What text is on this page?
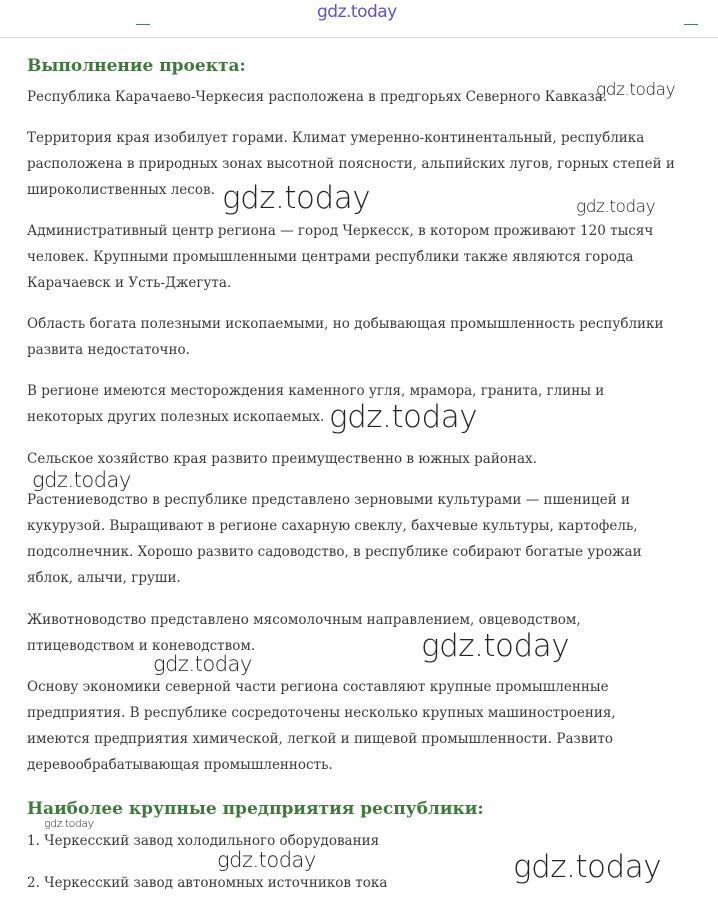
gdz.today
Выполнение проекта:

Республика Карачаево-Черкесия расположена в предгорьях Северного Кавказа.

Территория края изобилует горами. Климат умеренно-континентальный, республика
расположена в природных зонах высотной поясности, альпийских лугов, горных степей и
широколиственных лесов.

Административный центр региона — город Черкесск, в котором проживают 120 тысяч
человек. Крупными промышленными центрами республики также являются города
Карачаевск и Усть-Джегута.

Область богата полезными ископаемыми, но добывающая промышленность республики
развита недостаточно.

В регионе имеются месторождения каменного угля, мрамора, гранита, глины и
некоторых других полезных ископаемых.

Сельское хозяйство края развито преимущественно в южных районах.

Растениеводство в республике представлено зерновыми культурами — пшеницей и
кукурузой. Выращивают в регионе сахарную свеклу, бахчевые культуры, картофель,
подсолнечник. Хорошо развито садоводство, в республике собирают богатые урожаи
яблок, алычи, груши.

Животноводство представлено мясомолочным направлением, овцеводством,
птицеводством и коневодством.

Основу экономики северной части региона составляют крупные промышленные
предприятия. В республике сосредоточены несколько крупных машиностроения,
имеются предприятия химической, легкой и пищевой промышленности. Развито
деревообрабатывающая промышленность.

Наиболее крупные предприятия республики:

1. Черкесский завод холодильного оборудования

2. Черкесский завод автономных источников тока

gdz.today
gdz.today	gdz.today
gdz.today
gdz.today
gdz.today
gdz.today
gdz.today
gdz.today	gdz.today
